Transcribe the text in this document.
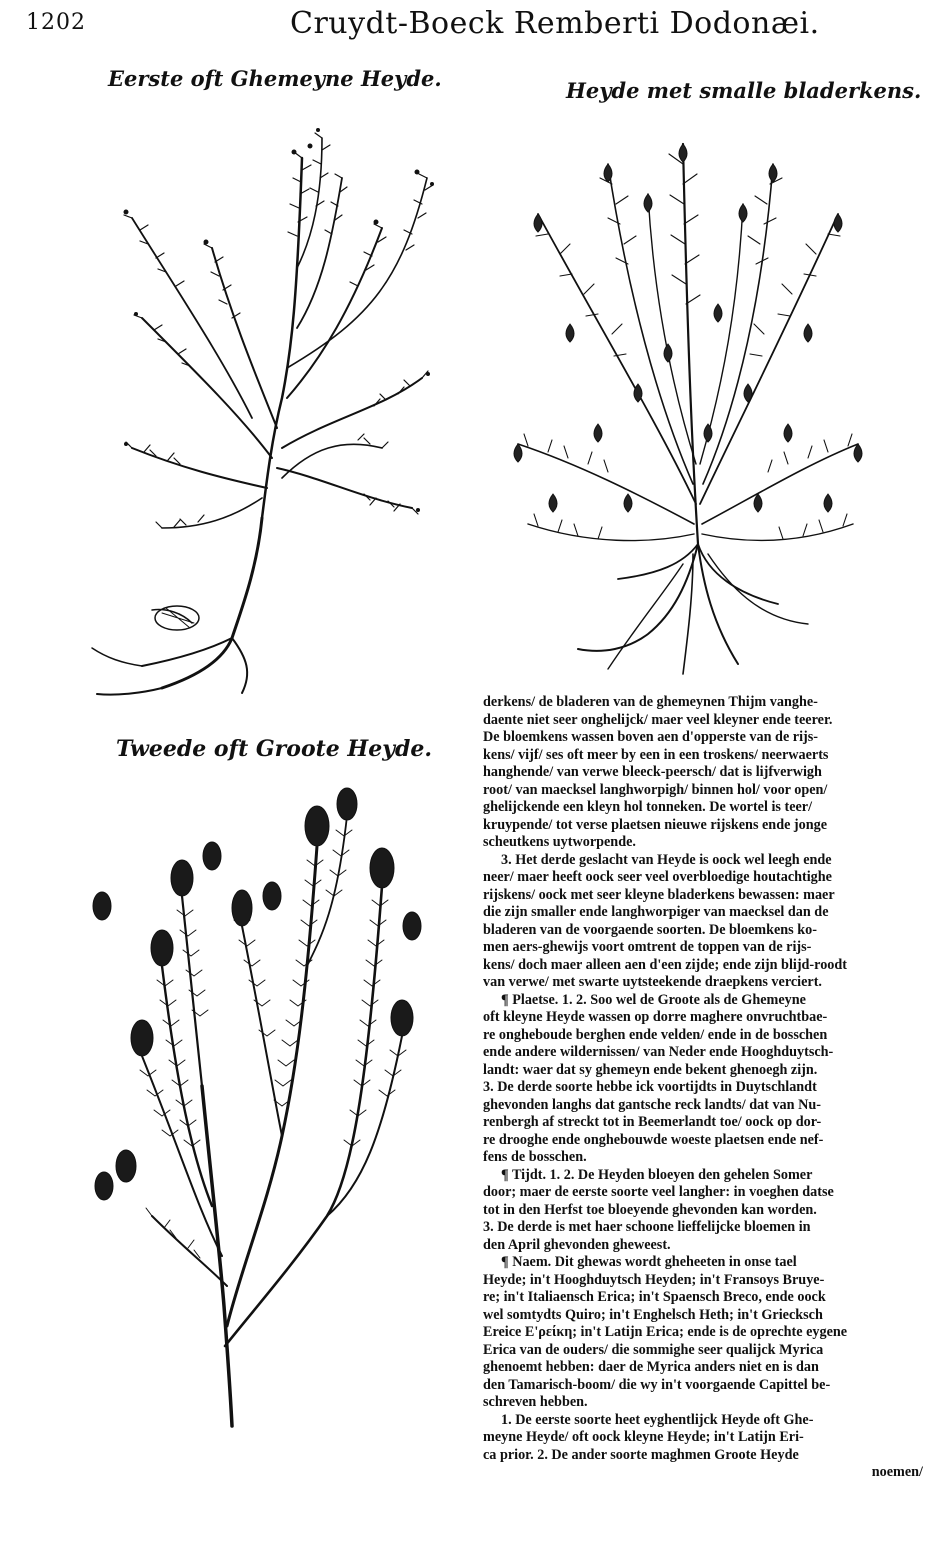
1202	Cruydt-Boeck Remberti Dodonæi.
Eerste oft Ghemeyne Heyde.	Heyde met smalle bladerkens.
Tweede oft Groote Heyde.
derkens/ de bladeren van de ghemeynen Thijm vanghe-
daente niet seer onghelijck/ maer veel kleyner ende teerer.
De bloemkens wassen boven aen d'opperste van de rijs-
kens/ vijf/ ses oft meer by een in een troskens/ neerwaerts
hanghende/ van verwe bleeck-peersch/ dat is lijfverwigh
root/ van maecksel langhworpigh/ binnen hol/ voor open/
ghelijckende een kleyn hol tonneken. De wortel is teer/
kruypende/ tot verse plaetsen nieuwe rijskens ende jonge
scheutkens uytworpende.
3. Het derde geslacht van Heyde is oock wel leegh ende
neer/ maer heeft oock seer veel overbloedige houtachtighe
rijskens/ oock met seer kleyne bladerkens bewassen: maer
die zijn smaller ende langhworpiger van maecksel dan de
bladeren van de voorgaende soorten. De bloemkens ko-
men aers-ghewijs voort omtrent de toppen van de rijs-
kens/ doch maer alleen aen d'een zijde; ende zijn blijd-roodt
van verwe/ met swarte uytsteekende draepkens verciert.
¶ Plaetse. 1. 2. Soo wel de Groote als de Ghemeyne
oft kleyne Heyde wassen op dorre maghere onvruchtbae-
re ongheboude berghen ende velden/ ende in de bosschen
ende andere wildernissen/ van Neder ende Hooghduytsch-
landt: waer dat sy ghemeyn ende bekent ghenoegh zijn.
3. De derde soorte hebbe ick voortijdts in Duytschlandt
ghevonden langhs dat gantsche reck landts/ dat van Nu-
renbergh af streckt tot in Beemerlandt toe/ oock op dor-
re drooghe ende onghebouwde woeste plaetsen ende nef-
fens de bosschen.
¶ Tijdt. 1. 2. De Heyden bloeyen den gehelen Somer
door; maer de eerste soorte veel langher: in voeghen datse
tot in den Herfst toe bloeyende ghevonden kan worden.
3. De derde is met haer schoone lieffelijcke bloemen in
den April ghevonden gheweest.
¶ Naem. Dit ghewas wordt gheheeten in onse tael
Heyde; in't Hooghduytsch Heyden; in't Fransoys Bruye-
re; in't Italiaensch Erica; in't Spaensch Breco, ende oock
wel somtydts Quiro; in't Enghelsch Heth; in't Griecksch
Ereice E'ρείκη; in't Latijn Erica; ende is de oprechte eygene
Erica van de ouders/ die sommighe seer qualijck Myrica
ghenoemt hebben: daer de Myrica anders niet en is dan
den Tamarisch-boom/ die wy in't voorgaende Capittel be-
schreven hebben.
1. De eerste soorte heet eyghentlijck Heyde oft Ghe-
meyne Heyde/ oft oock kleyne Heyde; in't Latijn Eri-
ca prior. 2. De ander soorte maghmen Groote Heyde
noemen/
